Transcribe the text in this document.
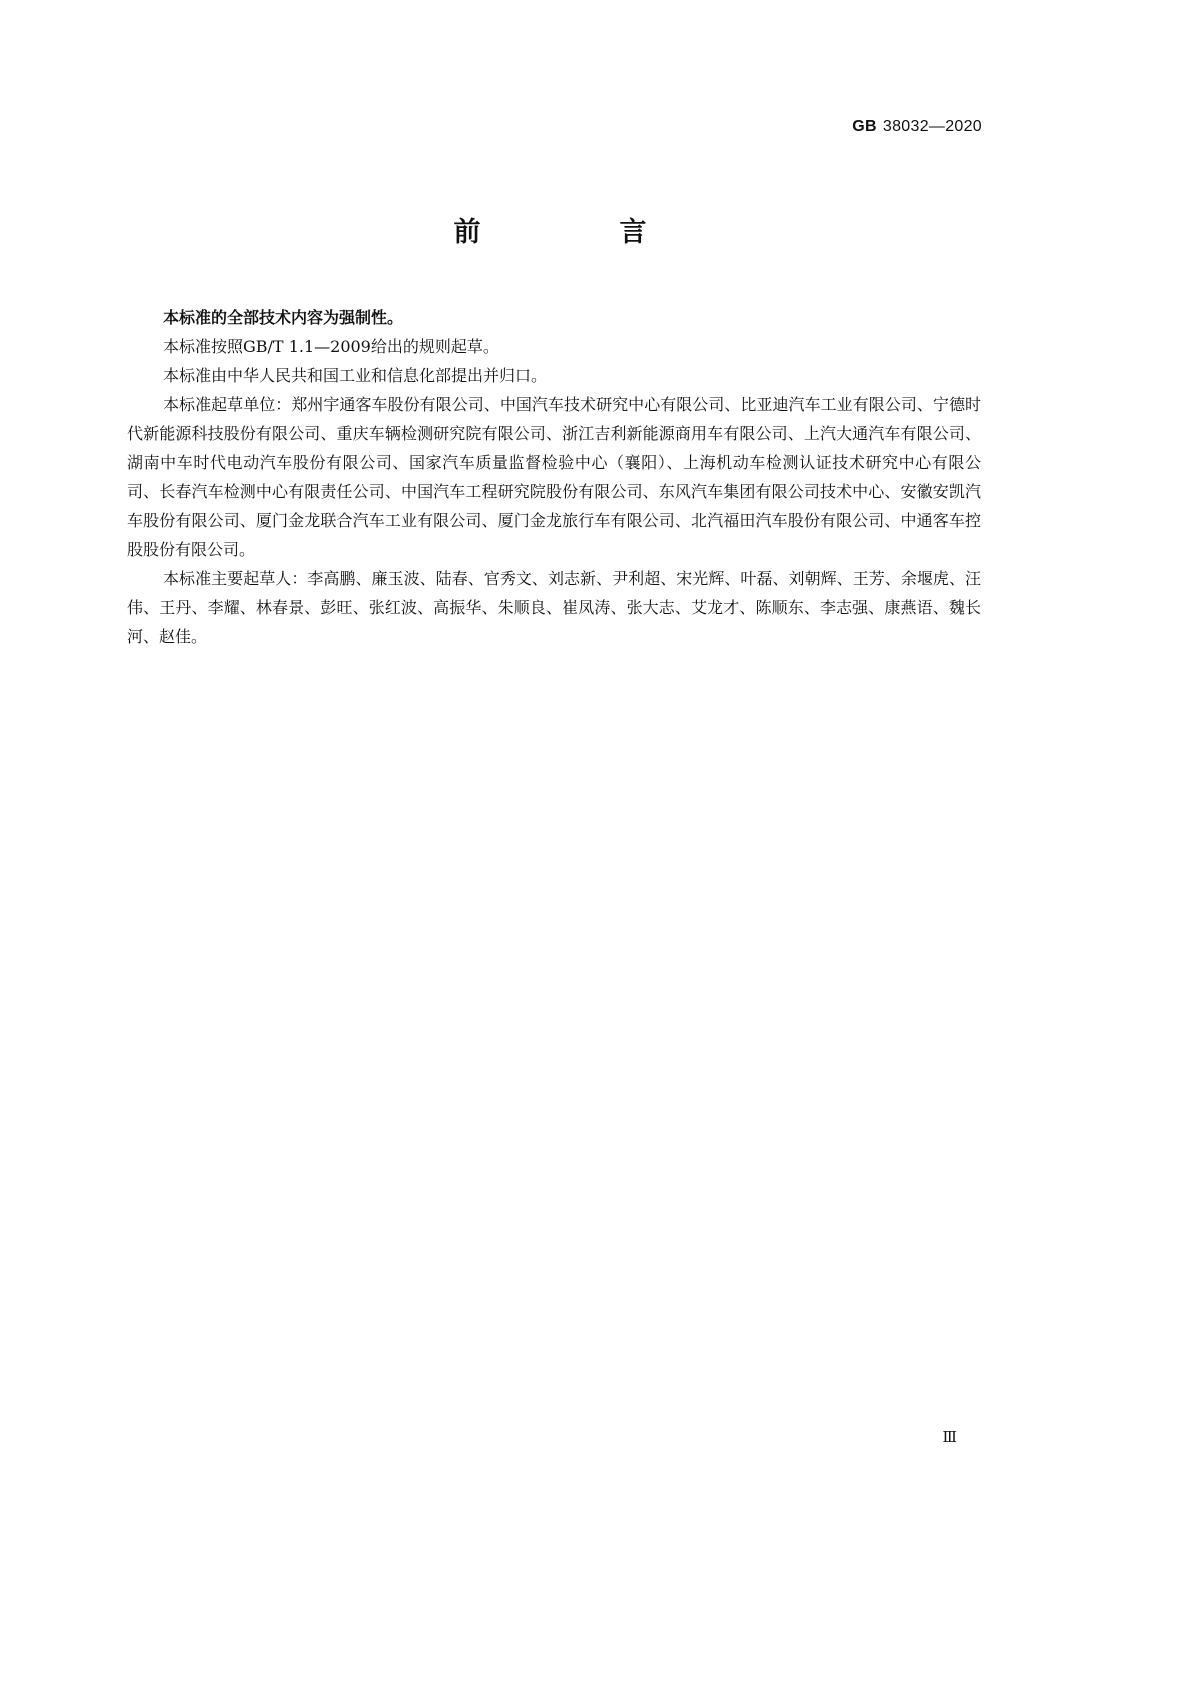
GB 38032—2020
前　言

本标准的全部技术内容为强制性。

本标准按照GB/T 1.1—2009给出的规则起草。

本标准由中华人民共和国工业和信息化部提出并归口。

本标准起草单位：郑州宇通客车股份有限公司、中国汽车技术研究中心有限公司、比亚迪汽车工业有限公司、宁德时代新能源科技股份有限公司、重庆车辆检测研究院有限公司、浙江吉利新能源商用车有限公司、上汽大通汽车有限公司、湖南中车时代电动汽车股份有限公司、国家汽车质量监督检验中心（襄阳）、上海机动车检测认证技术研究中心有限公司、长春汽车检测中心有限责任公司、中国汽车工程研究院股份有限公司、东风汽车集团有限公司技术中心、安徽安凯汽车股份有限公司、厦门金龙联合汽车工业有限公司、厦门金龙旅行车有限公司、北汽福田汽车股份有限公司、中通客车控股股份有限公司。

本标准主要起草人：李高鹏、廉玉波、陆春、官秀文、刘志新、尹利超、宋光辉、叶磊、刘朝辉、王芳、余堰虎、汪伟、王丹、李耀、林春景、彭旺、张红波、高振华、朱顺良、崔凤涛、张大志、艾龙才、陈顺东、李志强、康燕语、魏长河、赵佳。

Ⅲ
